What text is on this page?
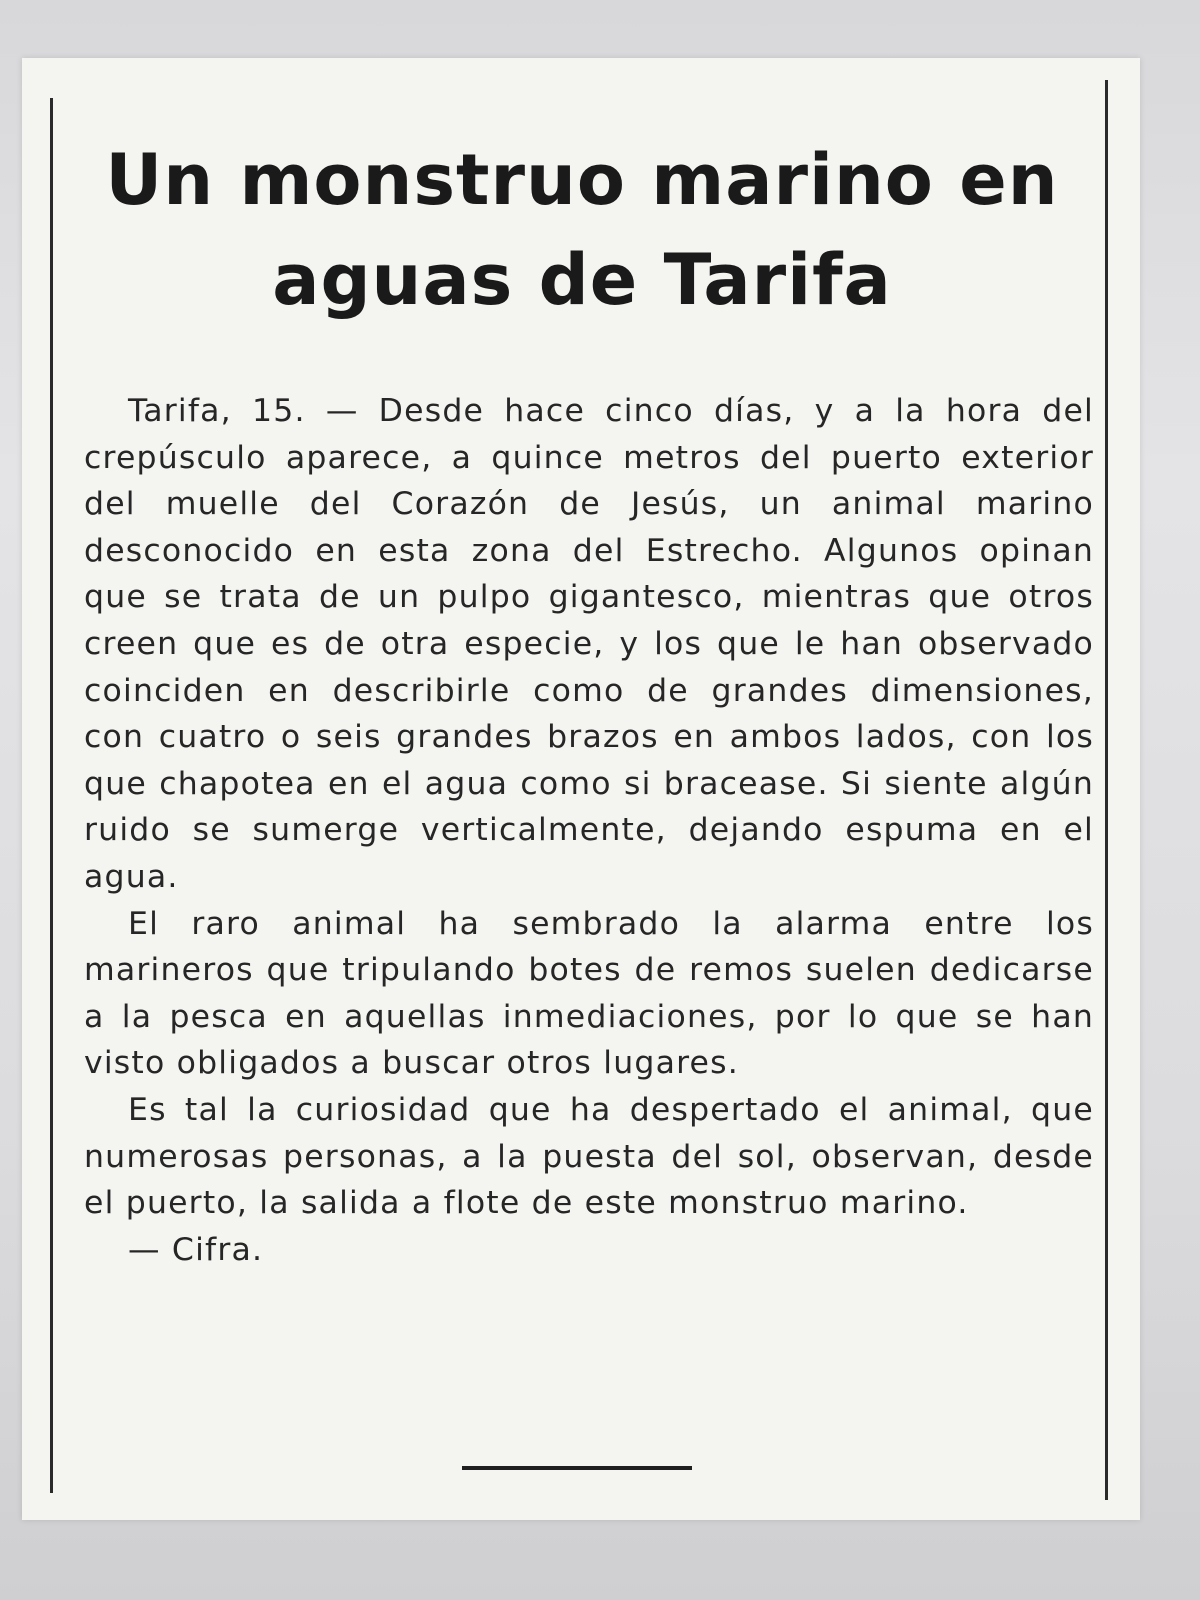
Un monstruo marino en aguas de Tarifa

Tarifa, 15. — Desde hace cinco días, y a la hora del crepúsculo aparece, a quince metros del puerto exterior del muelle del Corazón de Jesús, un animal marino desconocido en esta zona del Estrecho. Algunos opinan que se trata de un pulpo gigantesco, mientras que otros creen que es de otra especie, y los que le han observado coinciden en describirle como de grandes dimensiones, con cuatro o seis grandes brazos en ambos lados, con los que chapotea en el agua como si bracease. Si siente algún ruido se sumerge verticalmente, dejando espuma en el agua.

El raro animal ha sembrado la alarma entre los marineros que tripulando botes de remos suelen dedicarse a la pesca en aquellas inmediaciones, por lo que se han visto obligados a buscar otros lugares.

Es tal la curiosidad que ha despertado el animal, que numerosas personas, a la puesta del sol, observan, desde el puerto, la salida a flote de este monstruo marino.

— Cifra.
